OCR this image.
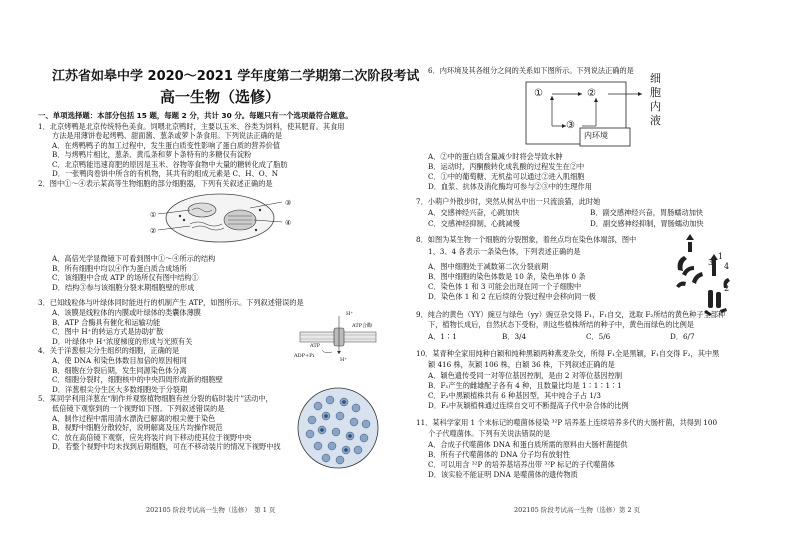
江苏省如皋中学 2020～2021 学年度第二学期第二次阶段考试
高一生物（选修）
一、单项选择题：本部分包括 15 题，每题 2 分，共计 30 分。每题只有一个选项最符合题意。
1．北京烤鸭是北京传统特色美食。饲喂北京鸭时，主要以玉米、谷类为饲料，使其肥育。其食用
方法是用薄饼卷起烤鸭、甜面酱、葱条或萝卜条食用。下列说法正确的是
A．在烤鸭鸭子的加工过程中，发生蛋白质变性影响了蛋白质的营养价值
B．与烤鸭片相比，葱条、黄瓜条和萝卜条特有的多糖仅有淀粉
C．北京鸭能迅速育肥的原因是玉米、谷物等食物中大量的糖转化成了脂肪
D．一张鸭肉卷饼中所含的有机物，其共有的组成元素是 C、H、O、N
2．图中①～④表示某高等生物细胞的部分细胞器，下列有关叙述正确的是
①
②
③
④
A．高倍光学显微镜下可看到图中①～④所示的结构
B．所有细胞中均以④作为蛋白质合成场所
C．该细胞中合成 ATP 的场所仅有图中结构①
D．结构③参与该细胞分裂末期细胞壁的形成
3．已知线粒体与叶绿体同时能进行的机制产生 ATP，如图所示。下列叙述错误的是
H⁺
ATP合酶
ATP
ADP+Pi
H⁺
A．该膜是线粒体的内膜或叶绿体的类囊体薄膜
B．ATP 合酶具有催化和运输功能
C．图中 H⁺的转运方式是协助扩散
D．叶绿体中 H⁺浓度梯度的形成与光照有关
4．关于洋葱根尖分生组织的细胞，正确的是
A．使 DNA 和染色体数目加倍的原因相同
B．细胞在分裂后期，发生同源染色体分离
C．细胞分裂时，细胞核中的中央四周形成新的细胞壁
D．洋葱根尖分生区大多数细胞处于分裂期
5．某同学利用洋葱在“制作并观察植物细胞有丝分裂的临时装片”活动中，
低倍镜下观察到的一个视野如下图。下列叙述错误的是
A．制作过程中需用清水漂洗已解离的根尖便于染色
B．视野中细胞分散较好，说明解离及压片均操作规范
C．放在高倍镜下观察，应先将装片向下移动使其位于视野中央
D．若整个视野中均未找到后期细胞，可在不移动装片的情况下视野中找
202105 阶段考试高一生物（选修）　第 1 页
6．内环境及其各组分之间的关系如下图所示。下列说法正确的是
①	②
③
内环境
细
胞
内
液
A．②中的蛋白质含量减少时将会导致水肿
B．运动时，丙酮酸转化成乳酸的过程发生在②中
C．①中的葡萄糖、无机盐可以通过②进入肌细胞
D．血浆、抗体及消化酶均可参与②③中的生理作用
7．小萌户外散步时，突然从树丛中出一只流浪猫，此时她
A．交感神经兴奋，心跳加快	B．副交感神经兴奋，胃肠蠕动加快
C．交感神经抑制，心跳减慢	D．副交感神经抑制，胃肠蠕动加快
8．如图为某生物一个细胞的分裂图象，着丝点均在染色体端部，图中
1、3、4 各表示一条染色体，下列表述正确的是
1
2
3 4
A．图中细胞处于减数第二次分裂前期
B．图中细胞的染色体数是 10 条，染色单体 0 条
C．染色体 1 和 3 可能会出现在同一个子细胞中
D．染色体 1 和 2 在后续的分裂过程中会移向同一极
9．纯合的黄色（YY）豌豆与绿色（yy）豌豆杂交得 F₁，F₁自交，选取 F₂所结的黄色种子全部种
下，植物长成后，自然状态下受粉，则这些植株所结的种子中，黄色而绿色的比例是
A．1∶1	B．3/4	C．5/6	D．6/7
10．某青种全家用纯种白颖和纯种黑颖两种燕麦杂交，所得 F₁全是黑颖，F₁自交得 F₂，其中黑
颖 416 株，灰颖 106 株，白颖 36 株，下列叙述正确的是
A．颖色遗传受同一对等位基因控制，是由 2 对等位基因控制
B．F₁产生的雌雄配子各有 4 种，且数量比均是 1∶1∶1∶1
C．F₂中黑颖植株共有 6 种基因型，其中纯合子占 1/3
D．F₂中灰颖植株通过连续自交可不断提高子代中杂合体的比例
11．某科学家用 1 个未标记的噬菌体侵染 ³²P 培养基上连续培养多代的大肠杆菌，共得到 100
个子代噬菌体。下列有关说法错误的是
A．合成子代噬菌体 DNA 和蛋白质所需的原料由大肠杆菌提供
B．所有子代噬菌体的 DNA 分子均有放射性
C．可以用含 ³²P 的培养基培养出带 ³²P 标记的子代噬菌体
D．该实验不能证明 DNA 是噬菌体的遗传物质
202105 阶段考试高一生物（选修）第 2 页
